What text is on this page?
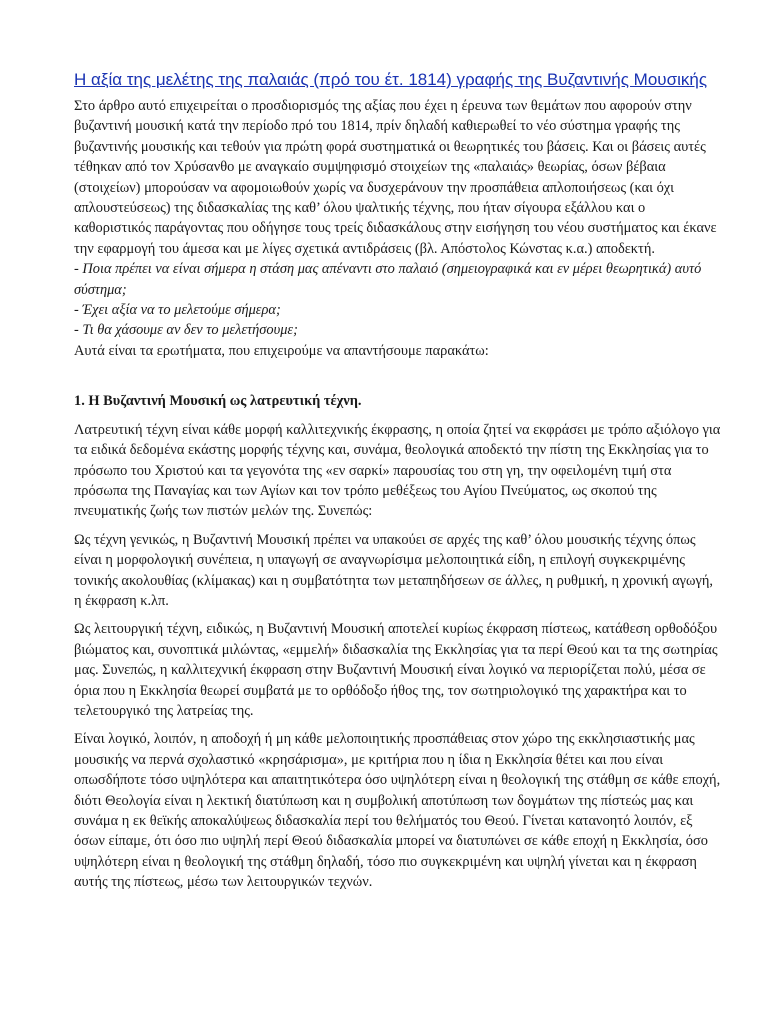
Η αξία της μελέτης της παλαιάς (πρό του έτ. 1814) γραφής της Βυζαντινής Μουσικής

Στο άρθρο αυτό επιχειρείται ο προσδιορισμός της αξίας που έχει η έρευνα των θεμάτων που αφορούν στην βυζαντινή μουσική κατά την περίοδο πρό του 1814, πρίν δηλαδή καθιερωθεί το νέο σύστημα γραφής της βυζαντινής μουσικής και τεθούν για πρώτη φορά συστηματικά οι θεωρητικές του βάσεις. Και οι βάσεις αυτές τέθηκαν από τον Χρύσανθο με αναγκαίο συμψηφισμό στοιχείων της «παλαιάς» θεωρίας, όσων βέβαια (στοιχείων) μπορούσαν να αφομοιωθούν χωρίς να δυσχεράνουν την προσπάθεια απλοποιήσεως (και όχι απλουστεύσεως) της διδασκαλίας της καθ’ όλου ψαλτικής τέχνης, που ήταν σίγουρα εξάλλου και ο καθοριστικός παράγοντας που οδήγησε τους τρείς διδασκάλους στην εισήγηση του νέου συστήματος και έκανε την εφαρμογή του άμεσα και με λίγες σχετικά αντιδράσεις (βλ. Απόστολος Κώνστας κ.α.) αποδεκτή.

- Ποια πρέπει να είναι σήμερα η στάση μας απέναντι στο παλαιό (σημειογραφικά και εν μέρει θεωρητικά) αυτό σύστημα;

- Έχει αξία να το μελετούμε σήμερα;

- Τι θα χάσουμε αν δεν το μελετήσουμε;

Αυτά είναι τα ερωτήματα, που επιχειρούμε να απαντήσουμε παρακάτω:

1. Η Βυζαντινή Μουσική ως λατρευτική τέχνη.

Λατρευτική τέχνη είναι κάθε μορφή καλλιτεχνικής έκφρασης, η οποία ζητεί να εκφράσει με τρόπο αξιόλογο για τα ειδικά δεδομένα εκάστης μορφής τέχνης και, συνάμα, θεολογικά αποδεκτό την πίστη της Εκκλησίας για το πρόσωπο του Χριστού και τα γεγονότα της «εν σαρκί» παρουσίας του στη γη, την οφειλομένη τιμή στα πρόσωπα της Παναγίας και των Αγίων και τον τρόπο μεθέξεως του Αγίου Πνεύματος, ως σκοπού της πνευματικής ζωής των πιστών μελών της. Συνεπώς:

Ως τέχνη γενικώς, η Βυζαντινή Μουσική πρέπει να υπακούει σε αρχές της καθ’ όλου μουσικής τέχνης όπως είναι η μορφολογική συνέπεια, η υπαγωγή σε αναγνωρίσιμα μελοποιητικά είδη, η επιλογή συγκεκριμένης τονικής ακολουθίας (κλίμακας) και η συμβατότητα των μεταπηδήσεων σε άλλες, η ρυθμική, η χρονική αγωγή, η έκφραση κ.λπ.

Ως λειτουργική τέχνη, ειδικώς, η Βυζαντινή Μουσική αποτελεί κυρίως έκφραση πίστεως, κατάθεση ορθοδόξου βιώματος και, συνοπτικά μιλώντας, «εμμελή» διδασκαλία της Εκκλησίας για τα περί Θεού και τα της σωτηρίας μας. Συνεπώς, η καλλιτεχνική έκφραση στην Βυζαντινή Μουσική είναι λογικό να περιορίζεται πολύ, μέσα σε όρια που η Εκκλησία θεωρεί συμβατά με το ορθόδοξο ήθος της, τον σωτηριολογικό της χαρακτήρα και το τελετουργικό της λατρείας της.

Είναι λογικό, λοιπόν, η αποδοχή ή μη κάθε μελοποιητικής προσπάθειας στον χώρο της εκκλησιαστικής μας μουσικής να περνά σχολαστικό «κρησάρισμα», με κριτήρια που η ίδια η Εκκλησία θέτει και που είναι οπωσδήποτε τόσο υψηλότερα και απαιτητικότερα όσο υψηλότερη είναι η θεολογική της στάθμη σε κάθε εποχή, διότι Θεολογία είναι η λεκτική διατύπωση και η συμβολική αποτύπωση των δογμάτων της πίστεώς μας και συνάμα η εκ θεϊκής αποκαλύψεως διδασκαλία περί του θελήματός του Θεού. Γίνεται κατανοητό λοιπόν, εξ όσων είπαμε, ότι όσο πιο υψηλή περί Θεού διδασκαλία μπορεί να διατυπώνει σε κάθε εποχή η Εκκλησία, όσο υψηλότερη είναι η θεολογική της στάθμη δηλαδή, τόσο πιο συγκεκριμένη και υψηλή γίνεται και η έκφραση αυτής της πίστεως, μέσω των λειτουργικών τεχνών.
